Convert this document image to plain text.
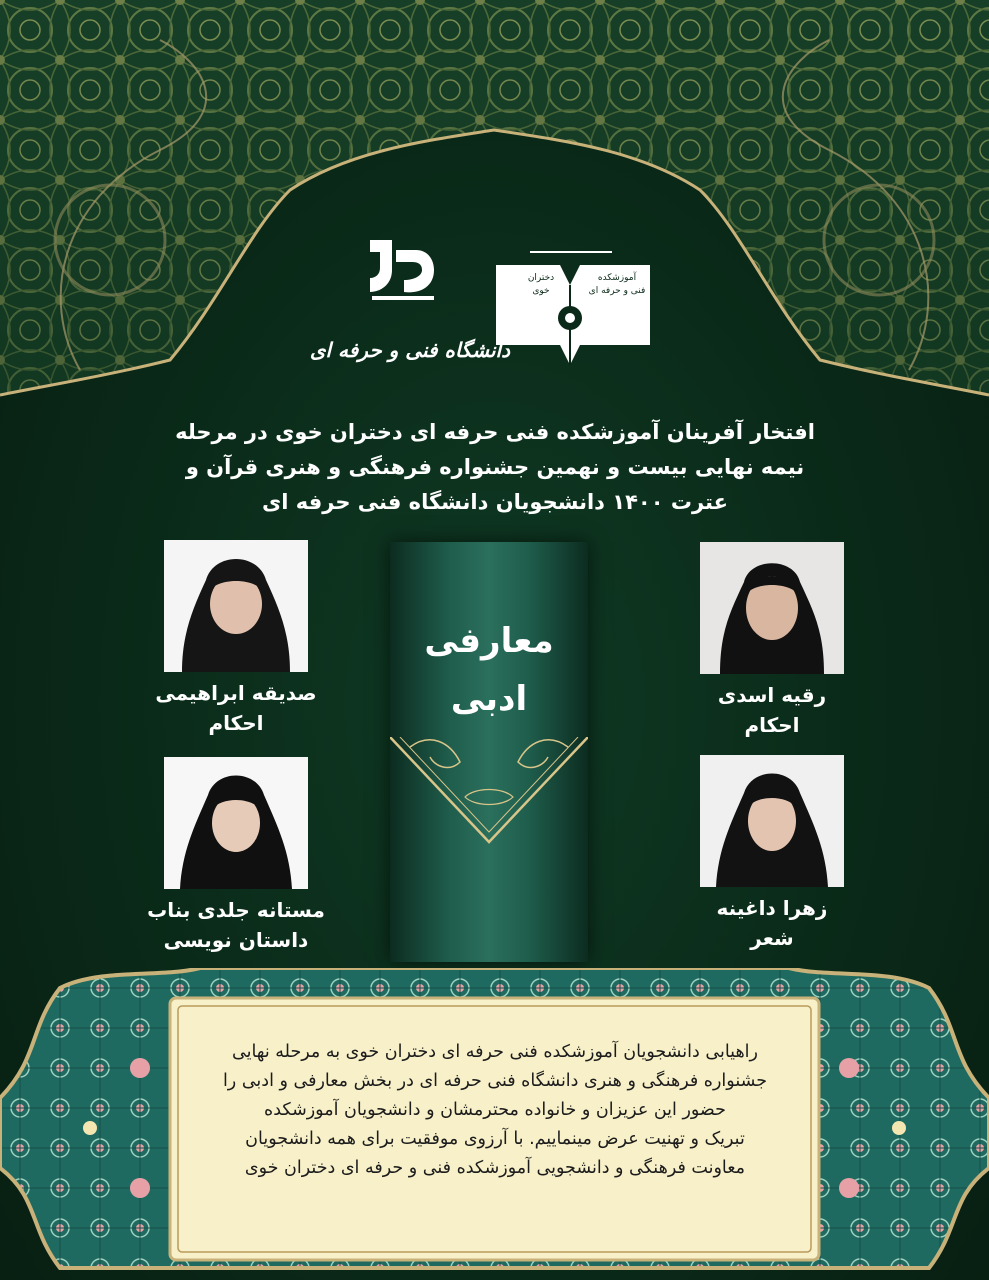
آموزشکده
فنی و حرفه ای
دختران
خوی
دانشگاه فنی و حرفه ای
افتخار آفرینان آموزشکده فنی حرفه ای دختران خوی در مرحله
نیمه نهایی بیست و نهمین جشنواره فرهنگی و هنری قرآن و
عترت ۱۴۰۰ دانشجویان دانشگاه فنی حرفه ای
معارفی
ادبی	رقیه اسدی
احکام
صدیقه ابراهیمی
احکام
زهرا داغینه
شعر
مستانه جلدی بناب
داستان نویسی
راهیابی دانشجویان آموزشکده فنی حرفه ای دختران خوی به مرحله نهایی
جشنواره فرهنگی و هنری دانشگاه فنی حرفه ای در بخش معارفی و ادبی را
حضور این عزیزان و خانواده محترمشان و دانشجویان آموزشکده
تبریک و تهنیت عرض مینماییم. با آرزوی موفقیت برای همه دانشجویان
معاونت فرهنگی و دانشجویی آموزشکده فنی و حرفه ای دختران خوی
